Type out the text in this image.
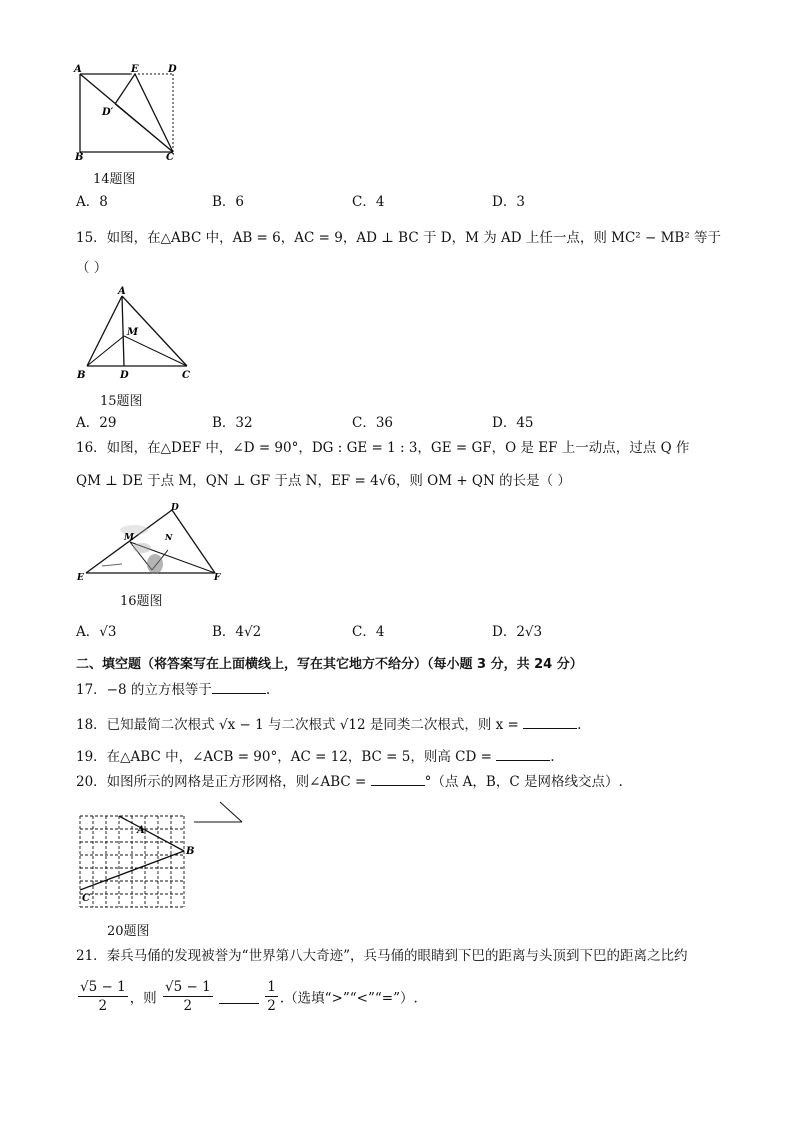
A	E	D
D′
B	C
14题图
A．8	B．6	C．4	D．3
15．如图，在△ABC 中，AB = 6，AC = 9，AD ⊥ BC 于 D，M 为 AD 上任一点，则 MC² − MB² 等于
（ ）
A
M
B	D	C
15题图
A．29	B．32	C．36	D．45
16．如图，在△DEF 中，∠D = 90°，DG : GE = 1 : 3，GE = GF，O 是 EF 上一动点，过点 Q 作
QM ⊥ DE 于点 M，QN ⊥ GF 于点 N，EF = 4√6，则 OM + QN 的长是（ ）
D
M	N
E	F
16题图
A．√3	B．4√2	C．4	D．2√3
二、填空题（将答案写在上面横线上，写在其它地方不给分）（每小题 3 分，共 24 分）
17．−8 的立方根等于	.
18．已知最简二次根式 √x − 1 与二次根式 √12 是同类二次根式，则 x =	.
19．在△ABC 中，∠ACB = 90°，AC = 12，BC = 5，则高 CD =	.
20．如图所示的网格是正方形网格，则∠ABC =	°（点 A，B，C 是网格线交点）.
A
B
C
20题图
21．秦兵马俑的发现被誉为“世界第八大奇迹”，兵马俑的眼睛到下巴的距离与头顶到下巴的距离之比约
$\frac{√5 - 1}{2}$ ，则 $\frac{√5 - 1}{2}$
	$\frac{1}{2}$ .（选填“>”“<”“=”）.
